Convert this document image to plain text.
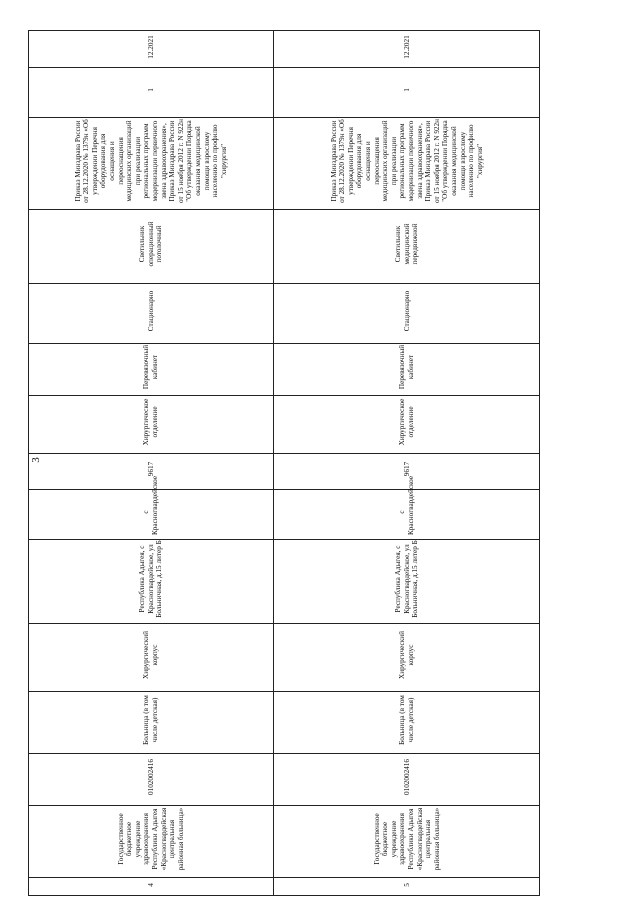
3
12.2021
1
Приказ Минздрава России от 28.12.2020 № 1379н «Об утверждении Перечня оборудования для оснащения и переоснащения медицинских организаций при реализации региональных программ модернизации первичного звена здравоохранения», Приказ Минздрава России от 15 ноября 2012 г. N 922н "Об утверждении Порядка оказания медицинской помощи взрослому населению по профилю "хирургия"
Светильник операционный потолочный
Стационарно
Перевязочный кабинет
Хирургическое отделение
9617
с Красногвардейское
Республика Адыгея, с Красногвардейское, ул Больничная, д.15 литер Б
Хирургический корпус
Больница (в том числе детская)
0102002416
Государственное бюджетное учреждение здравоохранения Республики Адыгея «Красногвардейская центральная районная больница»
4
12.2021
1
Приказ Минздрава России от 28.12.2020 № 1379н «Об утверждении Перечня оборудования для оснащения и переоснащения медицинских организаций при реализации региональных программ модернизации первичного звена здравоохранения», Приказ Минздрава России от 15 ноября 2012 г. N 922н "Об утверждении Порядка оказания медицинской помощи взрослому населению по профилю "хирургия"
Светильник медицинский передвижной
Стационарно
Перевязочный кабинет
Хирургическое отделение
9617
с Красногвардейское
Республика Адыгея, с Красногвардейское, ул Больничная, д.15 литер Б
Хирургический корпус
Больница (в том числе детская)
0102002416
Государственное бюджетное учреждение здравоохранения Республики Адыгея «Красногвардейская центральная районная больница»
5
